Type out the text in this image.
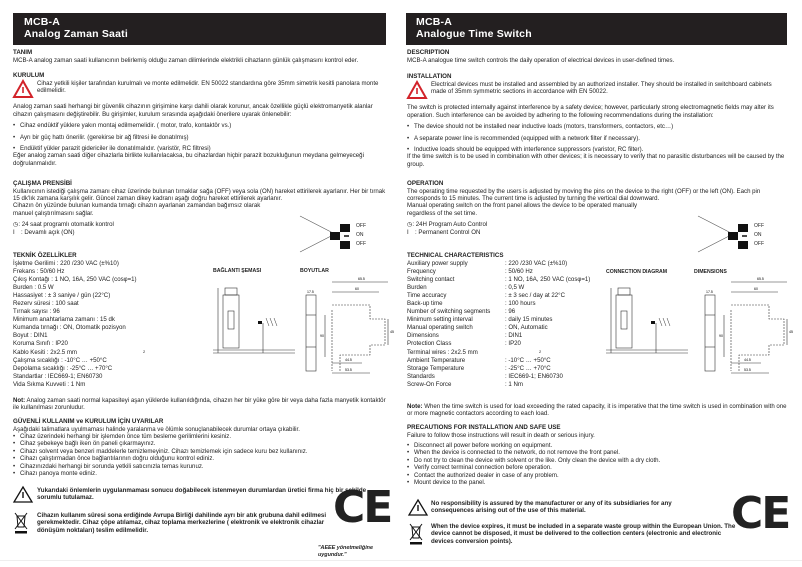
MCB-A
Analog Zaman Saati
TANIM

MCB-A analog zaman saati kullanıcının belirlemiş olduğu zaman dilimlerinde elektrikli cihazların günlük çalışmasını kontrol eder.

KURULUM

Cihaz yetkili kişiler tarafından kurulmalı ve monte edilmelidir. EN 50022 standardına göre 35mm simetrik kesitli panolara monte edilmelidir.

Analog zaman saati herhangi bir güvenlik cihazının girişimine karşı dahili olarak korunur, ancak özellikle güçlü elektromanyetik alanlar cihazın çalışmasını değiştirebilir. Bu girişimler, kurulum sırasında aşağıdaki önerilere uyarak önlenebilir:

• Cihaz endüktif yüklere yakın montaj edilmemelidir. ( motor, trafo, kontaktör vs.)

• Ayrı bir güç hattı önerilir. (gerekirse bir ağ filtresi ile donatılmış)

• Endüktif yükler parazit gidericiler ile donatılmalıdır. (varistör, RC filtresi)

Eğer analog zaman saati diğer cihazlarla birlikte kullanılacaksa, bu cihazlardan hiçbir parazit bozukluğunun meydana gelmeyeceği doğrulanmalıdır.

ÇALIŞMA PRENSİBİ

Kullanıcının istediği çalışma zamanı cihaz üzerinde bulunan tırnaklar sağa (OFF) veya sola (ON) hareket ettirilerek ayarlanır. Her bir tırnak 15 dk'lık zamana karşılık gelir. Güncel zaman dikey kadranı aşağı doğru hareket ettirilerek ayarlanır.

Cihazın ön yüzünde bulunan kumanda tırnağı cihazın ayarlanan zamandan bağımsız olarak manuel çalıştırılmasını sağlar.

◷: 24 saat programlı otomatik kontrol

I : Devamlı açık (ON)

OFF
ON
OFF
TEKNİK ÖZELLİKLER
İşletme Gerilimi : 220 /230 VAC (±%10)
Frekans : 50/60 Hz
Çıkış Kontağı : 1 NO, 16A, 250 VAC (cosφ=1)
Burden : 0.5 W
Hassasiyet : ± 3 saniye / gün (22°C)
Rezerv süresi : 100 saat
Tırnak sayısı : 96
Minimum anahtarlama zamanı : 15 dk
Kumanda tırnağı : ON, Otomatik pozisyon
Boyut : DIN1
Koruma Sınıfı : IP20
Kablo Kesiti : 2x2.5 mm
Çalışma sıcaklığı : -10°C … +50°C
Depolama sıcaklığı : -25°C … +70°C
Standartlar : IEC669-1; EN60730
Vida Sıkma Kuvveti : 1 Nm
2
BAĞLANTI ŞEMASI	BOYUTLAR
65.5
60
17.5
90
45
44.5
53.5

Not: Analog zaman saati normal kapasiteyi aşan yüklerde kullanıldığında, cihazın her bir yüke göre bir veya daha fazla manyetik kontaktör ile kullanılması zorunludur.

GÜVENLİ KULLANIM ve KURULUM İÇİN UYARILAR

Aşağıdaki talimatlara uyulmaması halinde yaralanma ve ölümle sonuçlanabilecek durumlar ortaya çıkabilir.

• Cihaz üzerindeki herhangi bir işlemden önce tüm besleme gerilimlerini kesiniz.

• Cihaz şebekeye bağlı iken ön paneli çıkarmayınız.

• Cihazı solvent veya benzeri maddelerle temizlemeyiniz. Cihazı temizlemek için sadece kuru bez kullanınız.

• Cihazı çalıştırmadan önce bağlantılarının doğru olduğunu kontrol ediniz.

• Cihazınızdaki herhangi bir sorunda yetkili satıcınızla temas kurunuz.

• Cihazı panoya monte ediniz.

Yukarıdaki önlemlerin uygulanmaması sonucu doğabilecek istenmeyen durumlardan üretici firma hiç bir şekilde sorumlu tutulamaz.

Cihazın kullanım süresi sona erdiğinde Avrupa Birliği dahilinde ayrı bir atık grubuna dahil edilmesi gerekmektedir. Cihaz çöpe atılamaz, cihaz toplama merkezlerine ( elektronik ve elektronik cihazlar dönüşüm noktaları) teslim edilmelidir.	CE
"AEEE yönetmeliğine uygundur."
MCB-A
Analogue Time Switch
DESCRIPTION

MCB-A analogue time switch controls the daily operation of electrical devices in user-defined times.

INSTALLATION

Electrical devices must be installed and assembled by an authorized installer. They should be installed in switchboard cabinets made of 35mm symmetric sections in accordance with EN 50022.

The switch is protected internally against interference by a safety device; however, particularly strong electromagnetic fields may alter its operation. Such interference can be avoided by adhering to the following recommendations during the installation:

• The device should not be installed near inductive loads (motors, transformers, contactors, etc…)

• A separate power line is recommended (equipped with a network filter if necessary).

• Inductive loads should be equipped with interference suppressors (varistor, RC filter).

If the time switch is to be used in combination with other devices; it is necessary to verify that no parasitic disturbances will be caused by the group.

OPERATION

The operating time requested by the users is adjusted by moving the pins on the device to the right (OFF) or the left (ON). Each pin corresponds to 15 minutes. The current time is adjusted by turning the vertical dial downward.

Manual operating switch on the front panel allows the device to be operated manually regardless of the set time.

◷: 24H Program Auto Control

I : Permanent Control ON

OFF
ON
OFF
TECHNICAL CHARACTERISTICS
Auxiliary power supply	: 220 /230 VAC (±%10)
Frequency	: 50/60 Hz
Switching contact	: 1 NO, 16A, 250 VAC (cosφ=1)
Burden	: 0,5 W
Time accuracy	: ± 3 sec / day at 22°C
Back-up time	: 100 hours
Number of switching segments	: 96
Minimum setting interval	: daily 15 minutes
Manual operating switch	: ON, Automatic
Dimensions	: DIN1
Protection Class	: IP20
Terminal wires : 2x2.5 mm
Ambient Temperature	: -10°C … +50°C
Storage Temperature	: -25°C … +70°C
Standards	: IEC669-1; EN60730
Screw-On Force	: 1 Nm
2
CONNECTION DIAGRAM	DIMENSIONS
65.5
60
17.5
90
45
44.5
53.5

Note: When the time switch is used for load exceeding the rated capacity, it is imperative that the time switch is used in combination with one or more magnetic contactors according to each load.

PRECAUTIONS FOR INSTALLATION AND SAFE USE

Failure to follow those instructions will result in death or serious injury.

• Disconnect all power before working on equipment.

• When the device is connected to the network, do not remove the front panel.

• Do not try to clean the device with solvent or the like. Only clean the device with a dry cloth.

• Verify correct terminal connection before operation.

• Contact the authorized dealer in case of any problem.

• Mount device to the panel.

No responsibility is assured by the manufacturer or any of its subsidiaries for any consequences arising out of the use of this material.

When the device expires, it must be included in a separate waste group within the European Union. The device cannot be disposed, it must be delivered to the collection centers (electronic and electronic devices conversion points).

CE
